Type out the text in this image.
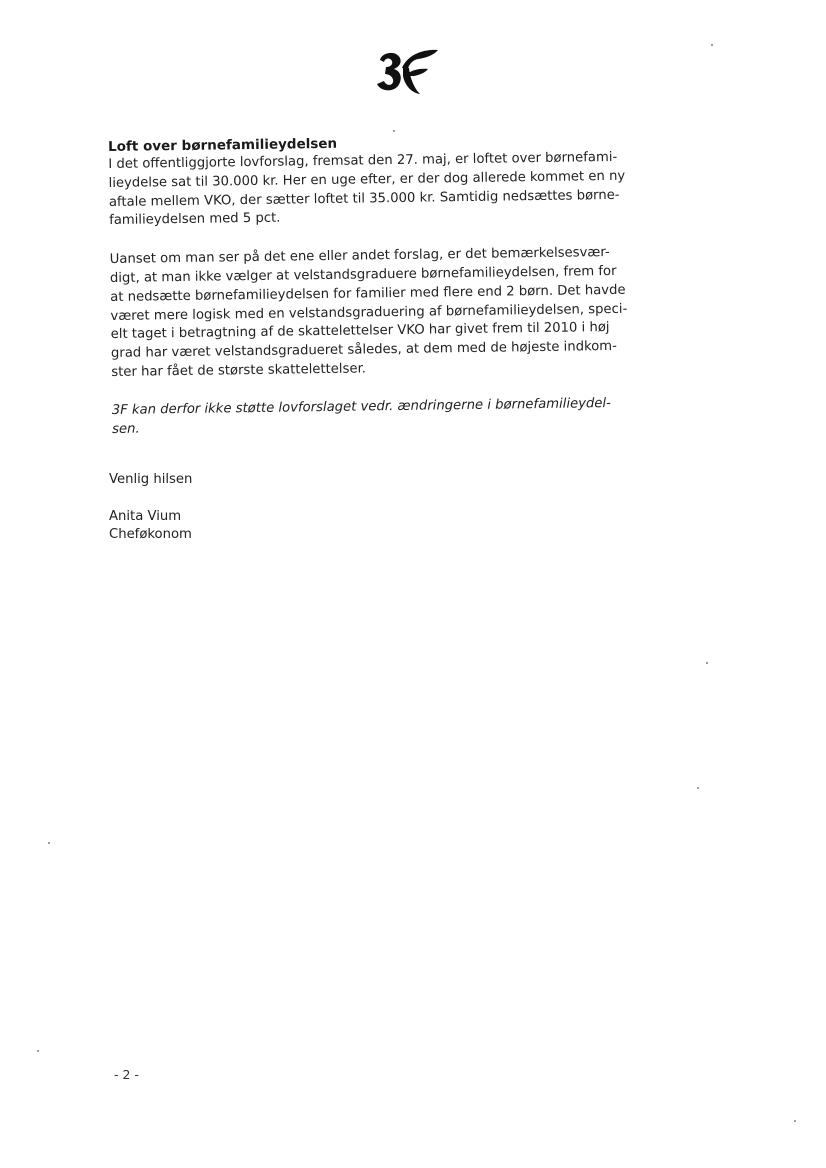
Loft over børnefamilieydelsen
I det offentliggjorte lovforslag, fremsat den 27. maj, er loftet over børnefami-
lieydelse sat til 30.000 kr. Her en uge efter, er der dog allerede kommet en ny
aftale mellem VKO, der sætter loftet til 35.000 kr. Samtidig nedsættes børne-
familieydelsen med 5 pct.
Uanset om man ser på det ene eller andet forslag, er det bemærkelsesvær-
digt, at man ikke vælger at velstandsgraduere børnefamilieydelsen, frem for
at nedsætte børnefamilieydelsen for familier med flere end 2 børn. Det havde
været mere logisk med en velstandsgraduering af børnefamilieydelsen, speci-
elt taget i betragtning af de skattelettelser VKO har givet frem til 2010 i høj
grad har været velstandsgradueret således, at dem med de højeste indkom-
ster har fået de største skattelettelser.
3F kan derfor ikke støtte lovforslaget vedr. ændringerne i børnefamilieydel-
sen.
Venlig hilsen
Anita Vium
Cheføkonom
- 2 -
